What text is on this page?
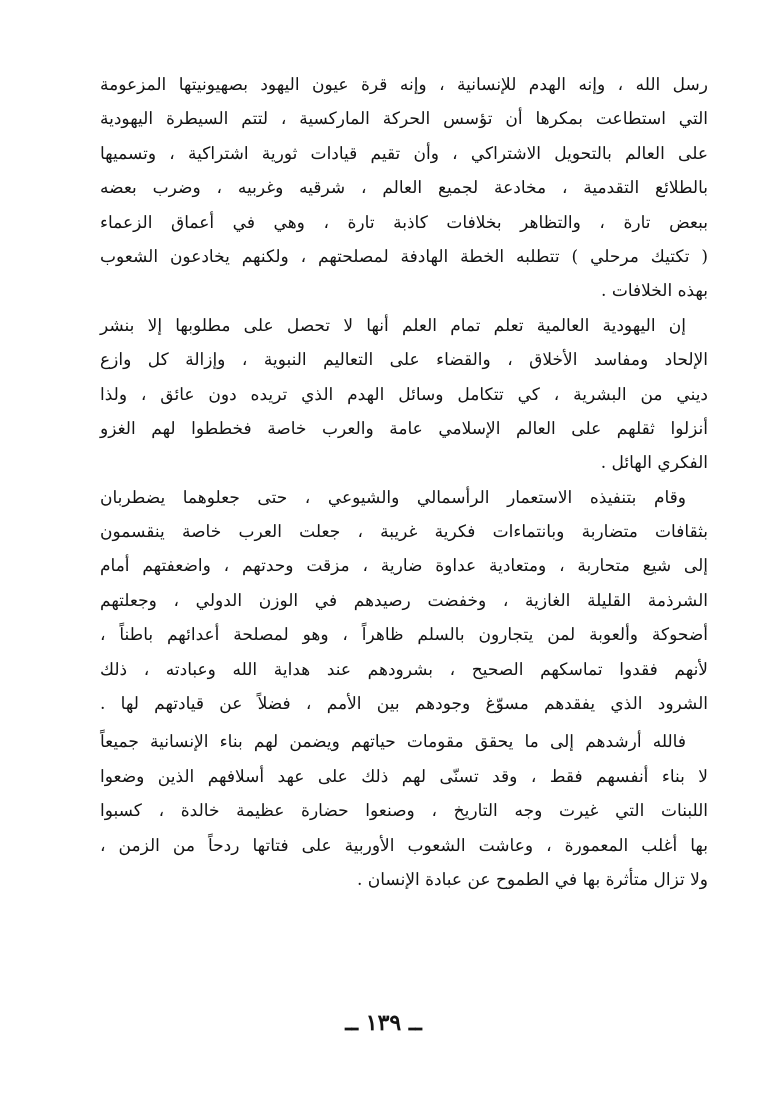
رسل الله ، وإنه الهدم للإنسانية ، وإنه قرة عيون اليهود بصهيونيتها المزعومة
التي استطاعت بمكرها أن تؤسس الحركة الماركسية ، لتتم السيطرة اليهودية
على العالم بالتحويل الاشتراكي ، وأن تقيم قيادات ثورية اشتراكية ، وتسميها
بالطلائع التقدمية ، مخادعة لجميع العالم ، شرقيه وغربيه ، وضرب بعضه
ببعض تارة ، والتظاهر بخلافات كاذبة تارة ، وهي في أعماق الزعماء
( تكتيك مرحلي ) تتطلبه الخطة الهادفة لمصلحتهم ، ولكنهم يخادعون الشعوب
بهذه الخلافات .
إن اليهودية العالمية تعلم تمام العلم أنها لا تحصل على مطلوبها إلا بنشر
الإلحاد ومفاسد الأخلاق ، والقضاء على التعاليم النبوية ، وإزالة كل وازع
ديني من البشرية ، كي تتكامل وسائل الهدم الذي تريده دون عائق ، ولذا
أنزلوا ثقلهم على العالم الإسلامي عامة والعرب خاصة فخططوا لهم الغزو
الفكري الهائل .
وقام بتنفيذه الاستعمار الرأسمالي والشيوعي ، حتى جعلوهما يضطربان
بثقافات متضاربة وبانتماءات فكرية غريبة ، جعلت العرب خاصة ينقسمون
إلى شيع متحاربة ، ومتعادية عداوة ضارية ، مزقت وحدتهم ، واضعفتهم أمام
الشرذمة القليلة الغازية ، وخفضت رصيدهم في الوزن الدولي ، وجعلتهم
أضحوكة وألعوبة لمن يتجارون بالسلم ظاهراً ، وهو لمصلحة أعدائهم باطناً ،
لأنهم فقدوا تماسكهم الصحيح ، بشرودهم عند هداية الله وعبادته ، ذلك
الشرود الذي يفقدهم مسوّغ وجودهم بين الأمم ، فضلاً عن قيادتهم لها .
فالله أرشدهم إلى ما يحقق مقومات حياتهم ويضمن لهم بناء الإنسانية جميعاً
لا بناء أنفسهم فقط ، وقد تسنّى لهم ذلك على عهد أسلافهم الذين وضعوا
اللبنات التي غيرت وجه التاريخ ، وصنعوا حضارة عظيمة خالدة ، كسبوا
بها أغلب المعمورة ، وعاشت الشعوب الأوربية على فتاتها ردحاً من الزمن ،
ولا تزال متأثرة بها في الطموح عن عبادة الإنسان .
ــ ١٣٩ ــ
